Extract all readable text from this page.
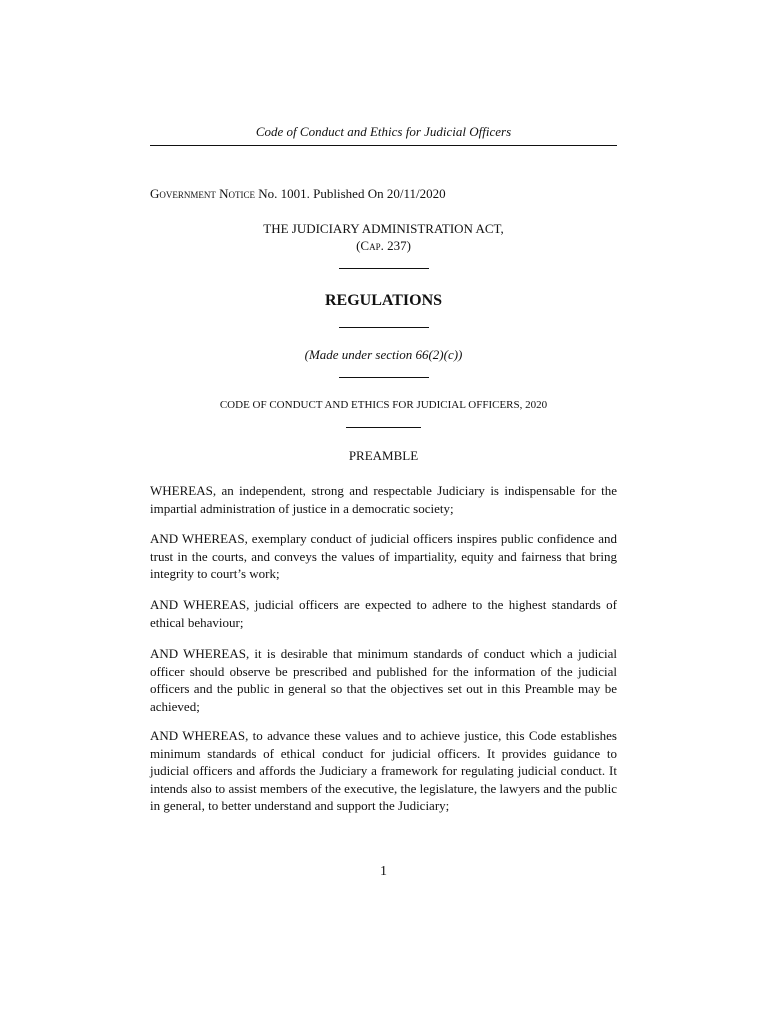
Code of Conduct and Ethics for Judicial Officers
Government Notice No. 1001. Published On 20/11/2020
THE JUDICIARY ADMINISTRATION ACT,
(Cap. 237)
REGULATIONS
(Made under section 66(2)(c))
CODE OF CONDUCT AND ETHICS FOR JUDICIAL OFFICERS, 2020
PREAMBLE
WHEREAS, an independent, strong and respectable Judiciary is indispensable for the impartial administration of justice in a democratic society;
AND WHEREAS, exemplary conduct of judicial officers inspires public confidence and trust in the courts, and conveys the values of impartiality, equity and fairness that bring integrity to court’s work;
AND WHEREAS, judicial officers are expected to adhere to the highest standards of ethical behaviour;
AND WHEREAS, it is desirable that minimum standards of conduct which a judicial officer should observe be prescribed and published for the information of the judicial officers and the public in general so that the objectives set out in this Preamble may be achieved;
AND WHEREAS, to advance these values and to achieve justice, this Code establishes minimum standards of ethical conduct for judicial officers. It provides guidance to judicial officers and affords the Judiciary a framework for regulating judicial conduct. It intends also to assist members of the executive, the legislature, the lawyers and the public in general, to better understand and support the Judiciary;
1
